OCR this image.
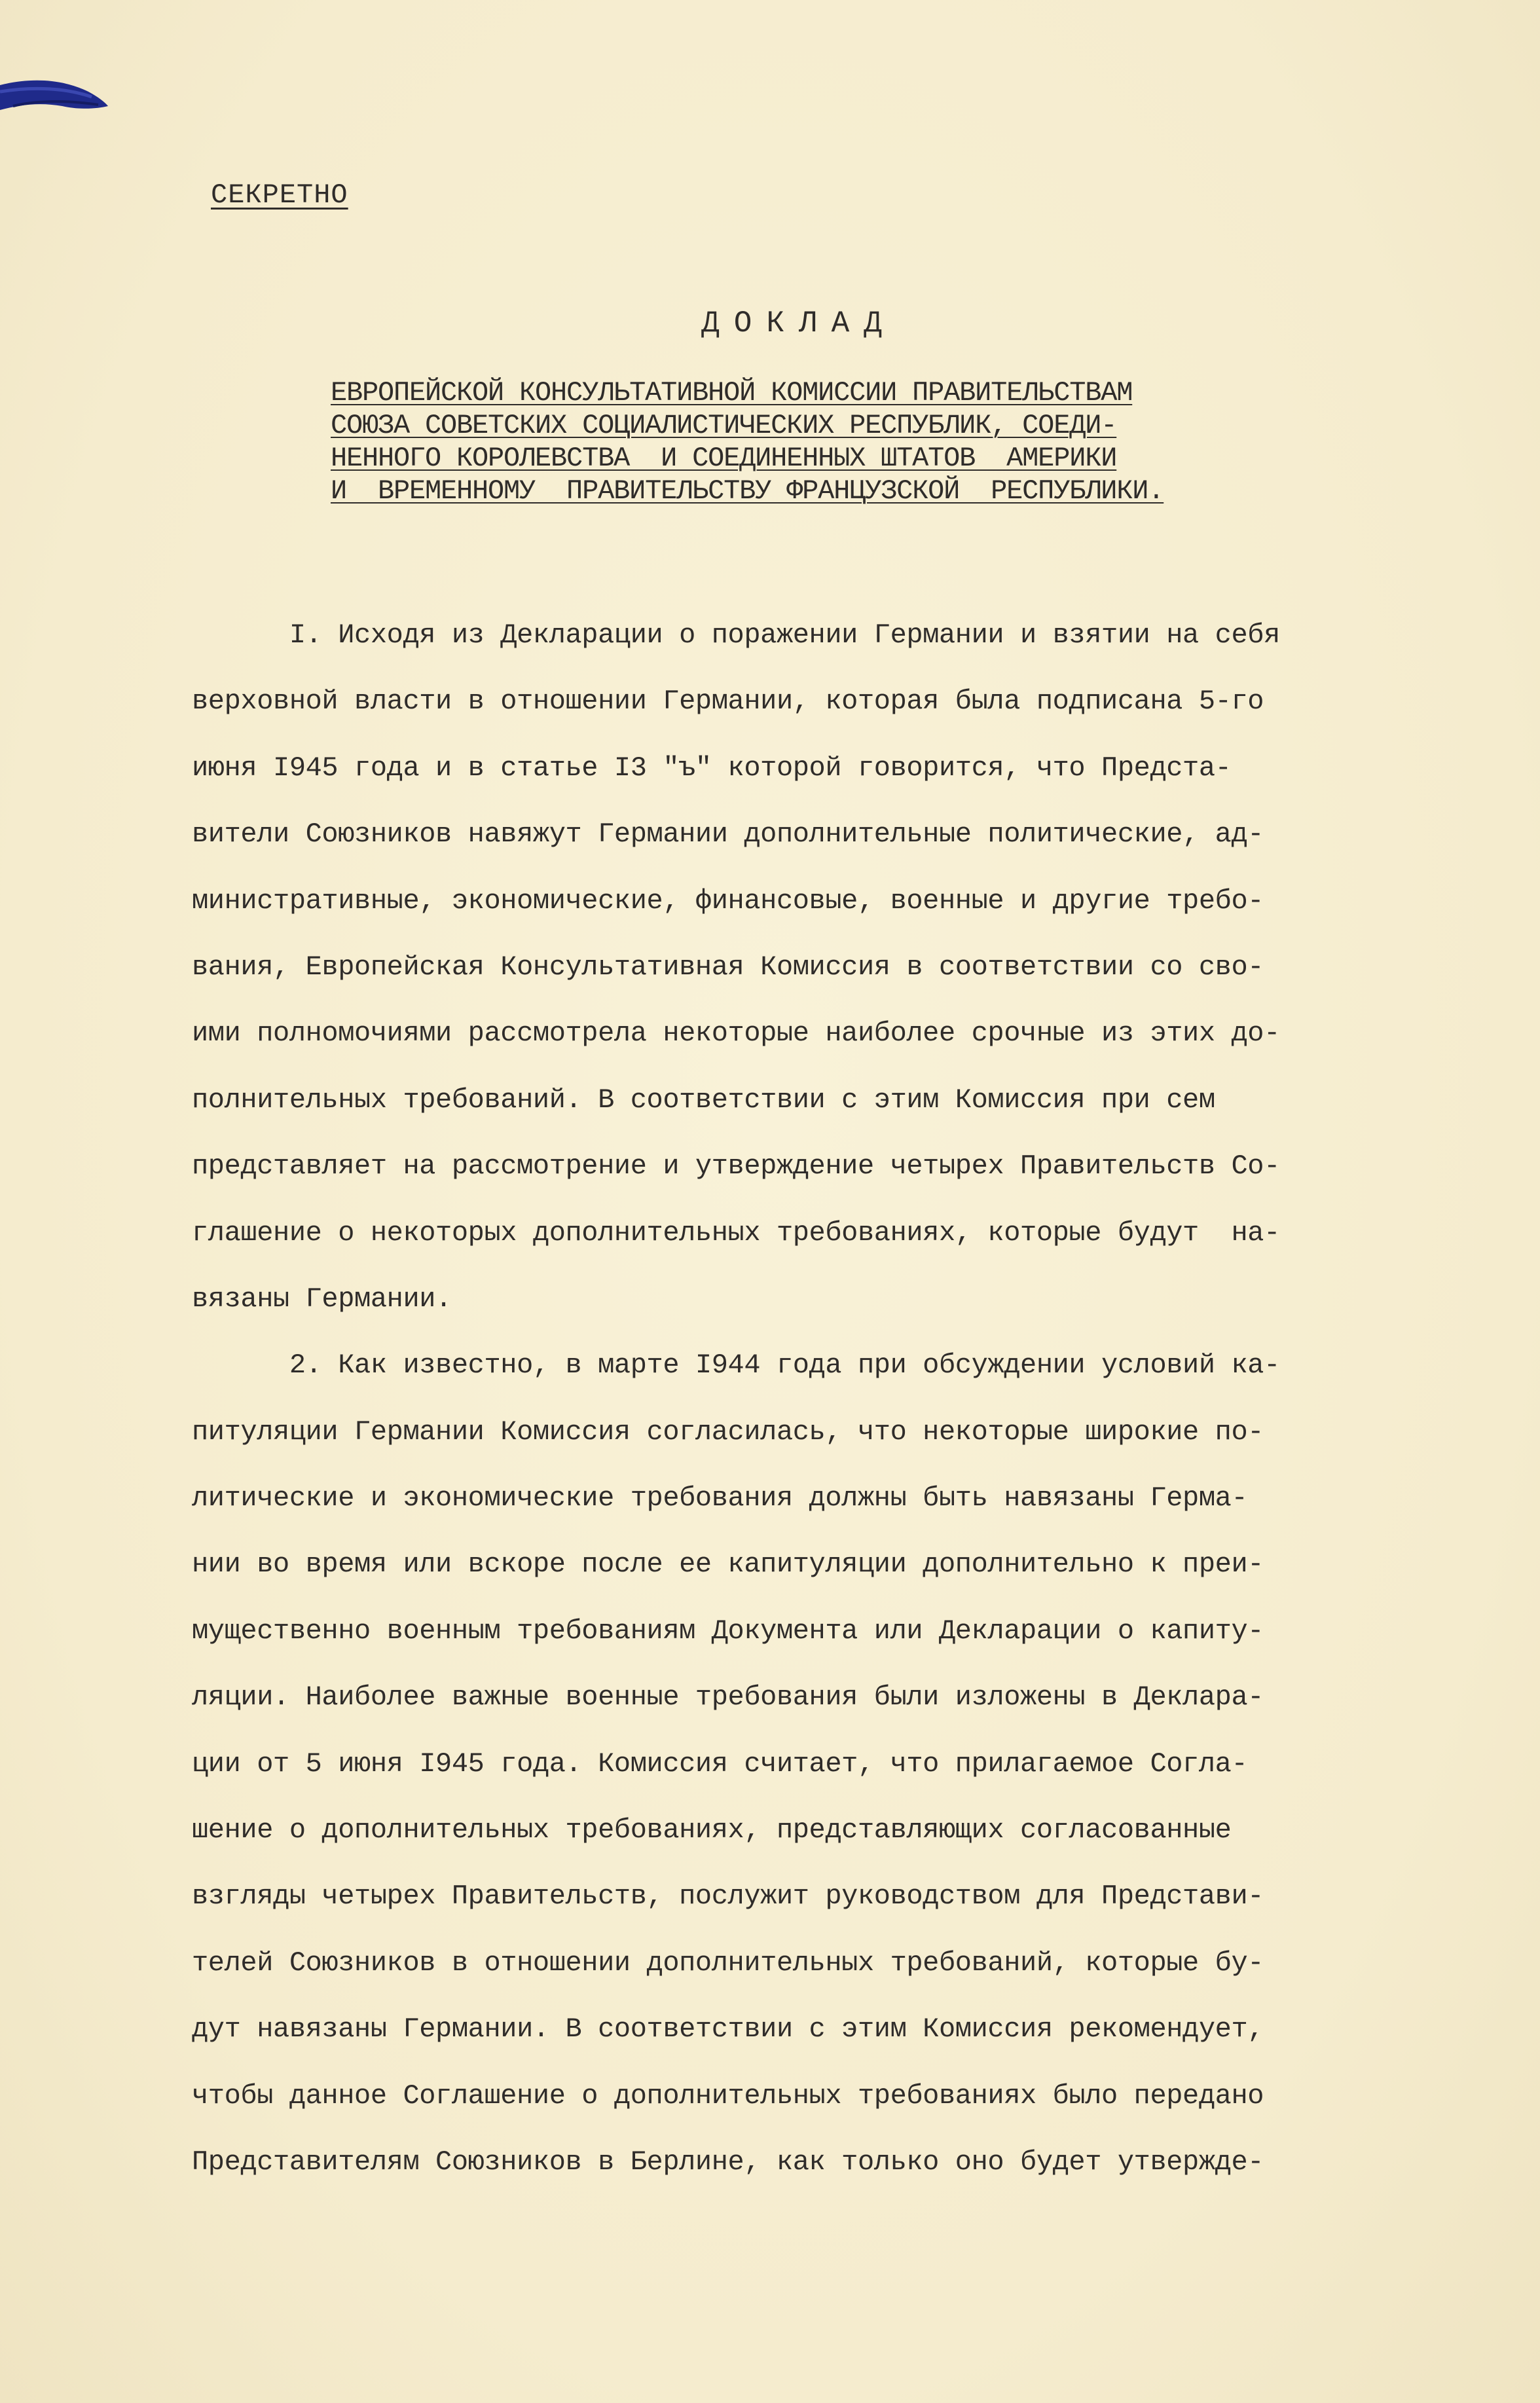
СЕКРЕТНО
ДОКЛАД
ЕВРОПЕЙСКОЙ КОНСУЛЬТАТИВНОЙ КОМИССИИ ПРАВИТЕЛЬСТВАМ
СОЮЗА СОВЕТСКИХ СОЦИАЛИСТИЧЕСКИХ РЕСПУБЛИК, СОЕДИ-
НЕННОГО КОРОЛЕВСТВА  И СОЕДИНЕННЫХ ШТАТОВ  АМЕРИКИ
И  ВРЕМЕННОМУ  ПРАВИТЕЛЬСТВУ ФРАНЦУЗСКОЙ  РЕСПУБЛИКИ.
I. Исходя из Декларации о поражении Германии и взятии на себя
верховной власти в отношении Германии, которая была подписана 5-го
июня I945 года и в статье I3 "ъ" которой говорится, что Предста-
вители Союзников навяжут Германии дополнительные политические, ад-
министративные, экономические, финансовые, военные и другие требо-
вания, Европейская Консультативная Комиссия в соответствии со сво-
ими полномочиями рассмотрела некоторые наиболее срочные из этих до-
полнительных требований. В соответствии с этим Комиссия при сем
представляет на рассмотрение и утверждение четырех Правительств Со-
глашение о некоторых дополнительных требованиях, которые будут  на-
вязаны Германии.
2. Как известно, в марте I944 года при обсуждении условий ка-
питуляции Германии Комиссия согласилась, что некоторые широкие по-
литические и экономические требования должны быть навязаны Герма-
нии во время или вскоре после ее капитуляции дополнительно к преи-
мущественно военным требованиям Документа или Декларации о капиту-
ляции. Наиболее важные военные требования были изложены в Деклара-
ции от 5 июня I945 года. Комиссия считает, что прилагаемое Согла-
шение о дополнительных требованиях, представляющих согласованные
взгляды четырех Правительств, послужит руководством для Представи-
телей Союзников в отношении дополнительных требований, которые бу-
дут навязаны Германии. В соответствии с этим Комиссия рекомендует,
чтобы данное Соглашение о дополнительных требованиях было передано
Представителям Союзников в Берлине, как только оно будет утвержде-
